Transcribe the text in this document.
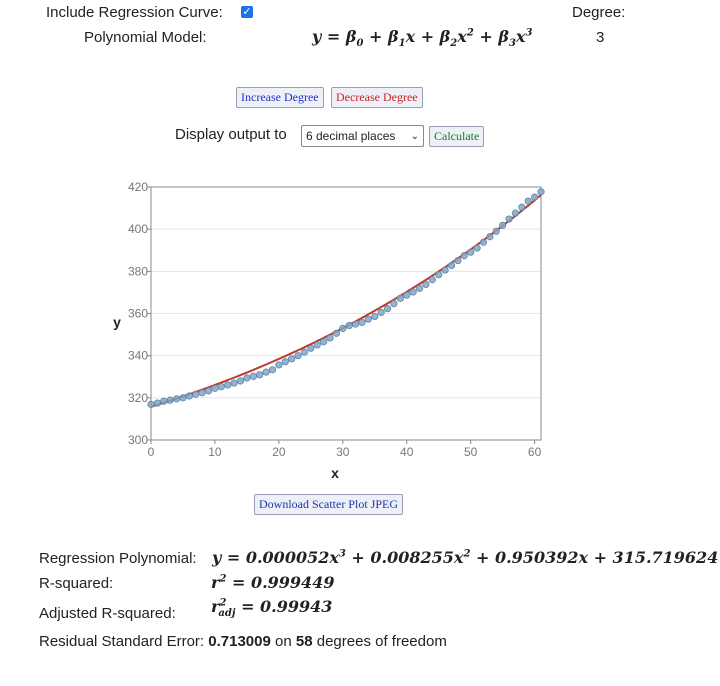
Include Regression Curve:
✓	Degree:
Polynomial Model:	$y = \beta_0 + \beta_1x + \beta_2x^2 + \beta_3x^3$	3
Increase Degree	Decrease Degree
Display output to 6 decimal places ⌄	Calculate
300
320
340
360
380
400
420
0	10	20	30	40	50	60
x
y
Download Scatter Plot JPEG
Regression Polynomial: $y = 0.000052x^3 + 0.008255x^2 + 0.950392x + 315.719624$
R-squared:	$r^2 = 0.999449$
Adjusted R-squared: $r^2_{adj} = 0.99943$
Residual Standard Error: 0.713009 on 58 degrees of freedom
